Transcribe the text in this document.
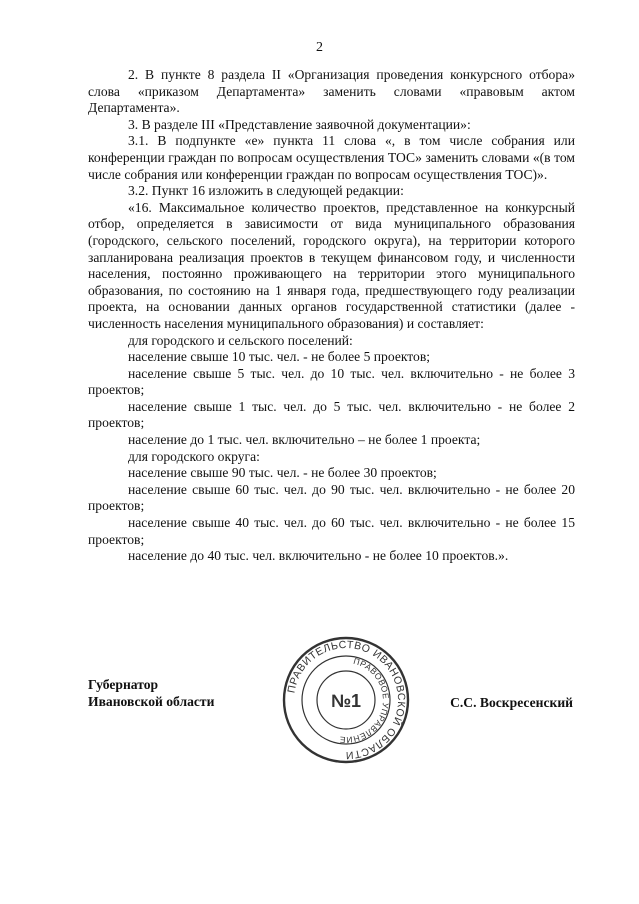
2

2. В пункте 8 раздела II «Организация проведения конкурсного отбора» слова «приказом Департамента» заменить словами «правовым актом Департамента».

3. В разделе III «Представление заявочной документации»:

3.1. В подпункте «е» пункта 11 слова «, в том числе собрания или конференции граждан по вопросам осуществления ТОС» заменить словами «(в том числе собрания или конференции граждан по вопросам осуществления ТОС)».

3.2. Пункт 16 изложить в следующей редакции:

«16. Максимальное количество проектов, представленное на конкурсный отбор, определяется в зависимости от вида муниципального образования (городского, сельского поселений, городского округа), на территории которого запланирована реализация проектов в текущем финансовом году, и численности населения, постоянно проживающего на территории этого муниципального образования, по состоянию на 1 января года, предшествующего году реализации проекта, на основании данных органов государственной статистики (далее - численность населения муниципального образования) и составляет:

для городского и сельского поселений:

население свыше 10 тыс. чел. - не более 5 проектов;

население свыше 5 тыс. чел. до 10 тыс. чел. включительно - не более 3 проектов;

население свыше 1 тыс. чел. до 5 тыс. чел. включительно - не более 2 проектов;

население до 1 тыс. чел. включительно – не более 1 проекта;

для городского округа:

население свыше 90 тыс. чел. - не более 30 проектов;

население свыше 60 тыс. чел. до 90 тыс. чел. включительно - не более 20 проектов;

население свыше 40 тыс. чел. до 60 тыс. чел. включительно - не более 15 проектов;

население до 40 тыс. чел. включительно - не более 10 проектов.».

Губернатор
Ивановской области
ПРАВИТЕЛЬСТВО ИВАНОВСКОЙ ОБЛАСТИ
ПРАВОВОЕ УПРАВЛЕНИЕ
№1	С.С. Воскресенский
